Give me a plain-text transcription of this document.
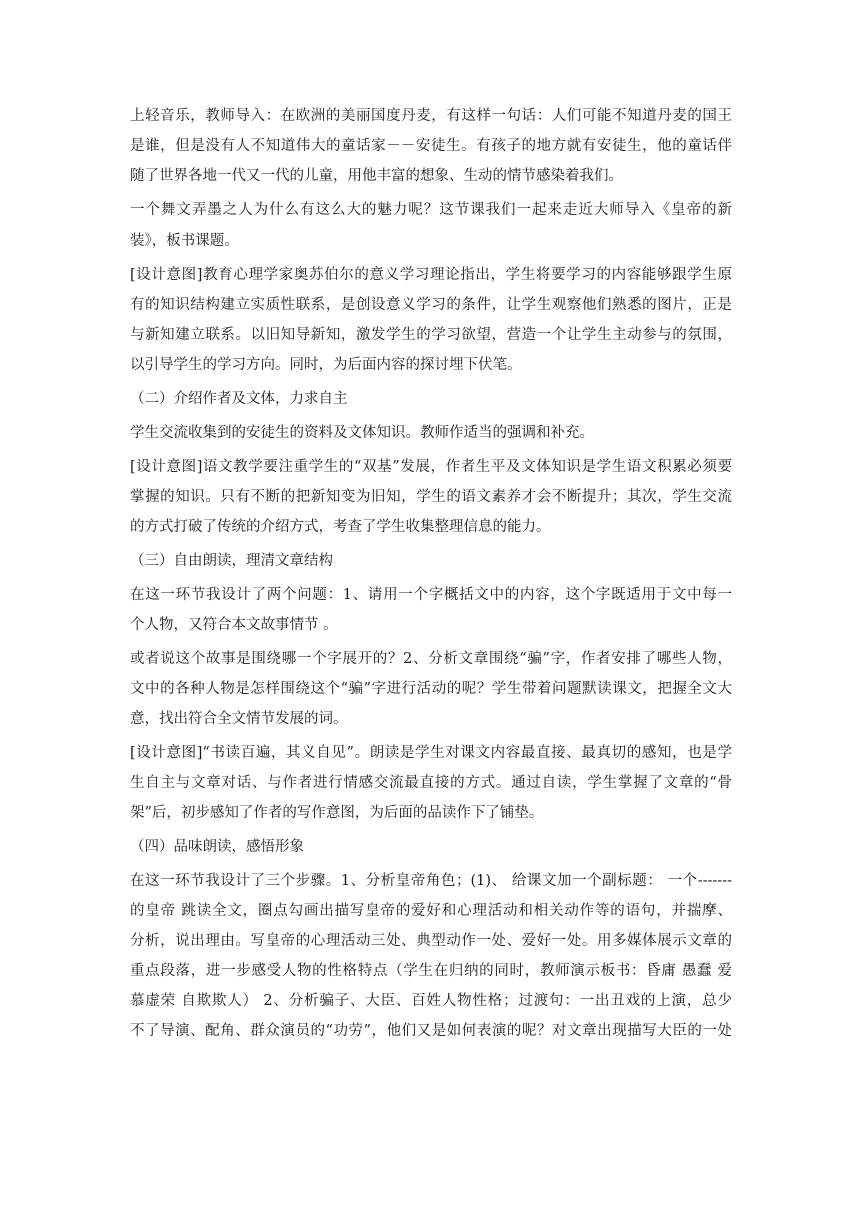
上轻音乐，教师导入：在欧洲的美丽国度丹麦，有这样一句话：人们可能不知道丹麦的国王
是谁，但是没有人不知道伟大的童话家－－安徒生。有孩子的地方就有安徒生，他的童话伴
随了世界各地一代又一代的儿童，用他丰富的想象、生动的情节感染着我们。
一个舞文弄墨之人为什么有这么大的魅力呢？这节课我们一起来走近大师导入《皇帝的新
装》，板书课题。
[设计意图]教育心理学家奥苏伯尔的意义学习理论指出，学生将要学习的内容能够跟学生原
有的知识结构建立实质性联系，是创设意义学习的条件，让学生观察他们熟悉的图片，正是
与新知建立联系。以旧知导新知，激发学生的学习欲望，营造一个让学生主动参与的氛围，
以引导学生的学习方向。同时，为后面内容的探讨埋下伏笔。
（二）介绍作者及文体，力求自主
学生交流收集到的安徒生的资料及文体知识。教师作适当的强调和补充。
[设计意图]语文教学要注重学生的“双基”发展，作者生平及文体知识是学生语文积累必须要
掌握的知识。只有不断的把新知变为旧知，学生的语文素养才会不断提升；其次，学生交流
的方式打破了传统的介绍方式，考查了学生收集整理信息的能力。
（三）自由朗读，理清文章结构
在这一环节我设计了两个问题：1、请用一个字概括文中的内容，这个字既适用于文中每一
个人物，又符合本文故事情节 。
或者说这个故事是围绕哪一个字展开的？2、分析文章围绕“骗”字，作者安排了哪些人物，
文中的各种人物是怎样围绕这个“骗”字进行活动的呢？学生带着问题默读课文，把握全文大
意，找出符合全文情节发展的词。
[设计意图]“书读百遍，其义自见”。朗读是学生对课文内容最直接、最真切的感知，也是学
生自主与文章对话、与作者进行情感交流最直接的方式。通过自读，学生掌握了文章的“骨
架”后，初步感知了作者的写作意图，为后面的品读作下了铺垫。
（四）品味朗读，感悟形象
在这一环节我设计了三个步骤。1、分析皇帝角色；(1)、 给课文加一个副标题： 一个-------
的皇帝 跳读全文，圈点勾画出描写皇帝的爱好和心理活动和相关动作等的语句，并揣摩、
分析，说出理由。写皇帝的心理活动三处、典型动作一处、爱好一处。用多媒体展示文章的
重点段落，进一步感受人物的性格特点（学生在归纳的同时，教师演示板书：昏庸 愚蠢 爱
慕虚荣 自欺欺人） 2、分析骗子、大臣、百姓人物性格；过渡句：一出丑戏的上演，总少
不了导演、配角、群众演员的“功劳”，他们又是如何表演的呢？对文章出现描写大臣的一处
